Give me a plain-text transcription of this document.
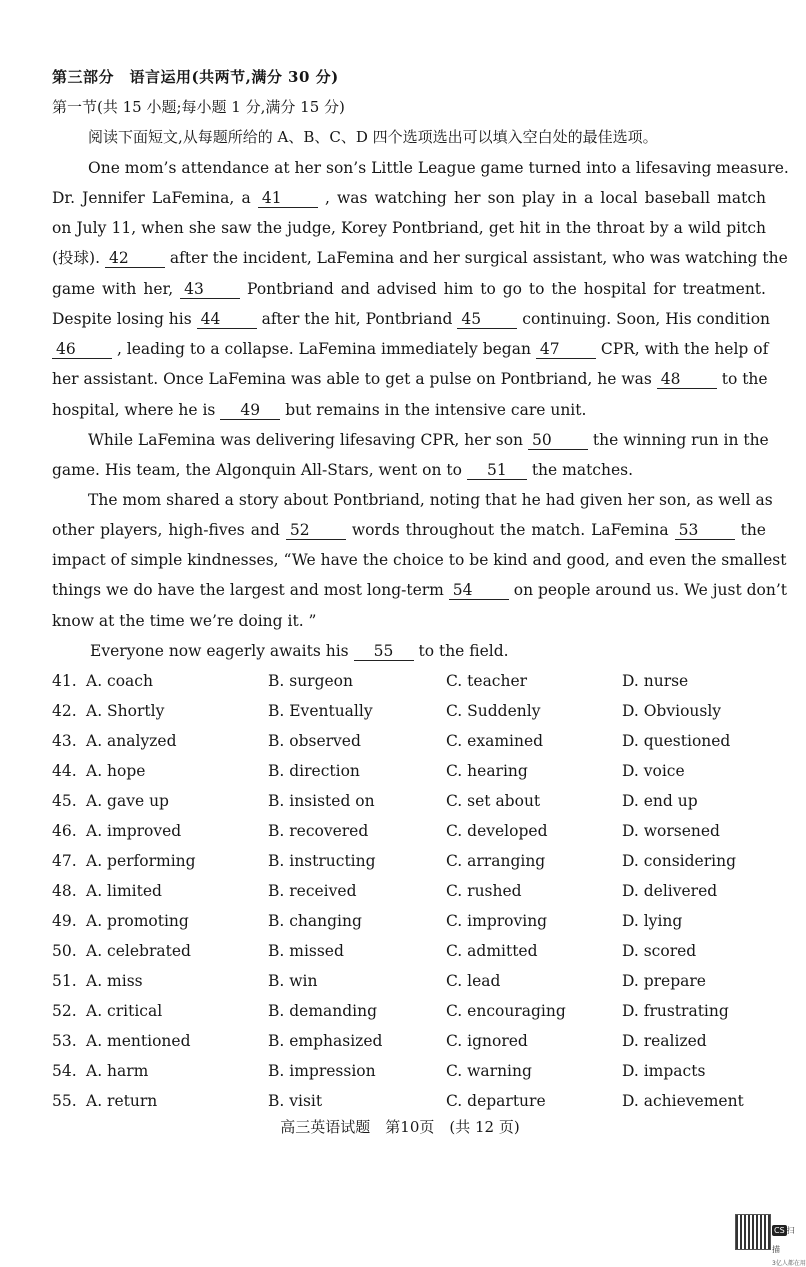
第三部分　语言运用(共两节,满分 30 分)
第一节(共 15 小题;每小题 1 分,满分 15 分)
阅读下面短文,从每题所给的 A、B、C、D 四个选项选出可以填入空白处的最佳选项。
One mom’s attendance at her son’s Little League game turned into a lifesaving measure.
Dr. Jennifer LaFemina, a 41	, was watching her son play in a local baseball match
on July 11, when she saw the judge, Korey Pontbriand, get hit in the throat by a wild pitch
(投球). 42	after the incident, LaFemina and her surgical assistant, who was watching the
game with her, 43	Pontbriand and advised him to go to the hospital for treatment.
Despite losing his 44	after the hit, Pontbriand 45	continuing. Soon, His condition
46	, leading to a collapse. LaFemina immediately began 47	CPR, with the help of
her assistant. Once LaFemina was able to get a pulse on Pontbriand, he was 48	to the
hospital, where he is 49 but remains in the intensive care unit.
While LaFemina was delivering lifesaving CPR, her son 50	the winning run in the
game. His team, the Algonquin All-Stars, went on to 51 the matches.
The mom shared a story about Pontbriand, noting that he had given her son, as well as
other players, high-fives and 52	words throughout the match. LaFemina 53	the
impact of simple kindnesses, “We have the choice to be kind and good, and even the smallest
things we do have the largest and most long-term 54	on people around us. We just don’t
know at the time we’re doing it. ”
Everyone now eagerly awaits his 55 to the field.
41. A. coach	B. surgeon	C. teacher	D. nurse
42. A. Shortly	B. Eventually	C. Suddenly	D. Obviously
43. A. analyzed	B. observed	C. examined	D. questioned
44. A. hope	B. direction	C. hearing	D. voice
45. A. gave up	B. insisted on	C. set about	D. end up
46. A. improved	B. recovered	C. developed	D. worsened
47. A. performing	B. instructing	C. arranging	D. considering
48. A. limited	B. received	C. rushed	D. delivered
49. A. promoting	B. changing	C. improving	D. lying
50. A. celebrated	B. missed	C. admitted	D. scored
51. A. miss	B. win	C. lead	D. prepare
52. A. critical	B. demanding	C. encouraging	D. frustrating
53. A. mentioned	B. emphasized	C. ignored	D. realized
54. A. harm	B. impression	C. warning	D. impacts
55. A. return	B. visit	C. departure	D. achievement
高三英语试题　第10页　(共 12 页)
CS 扫描
3亿人都在用
